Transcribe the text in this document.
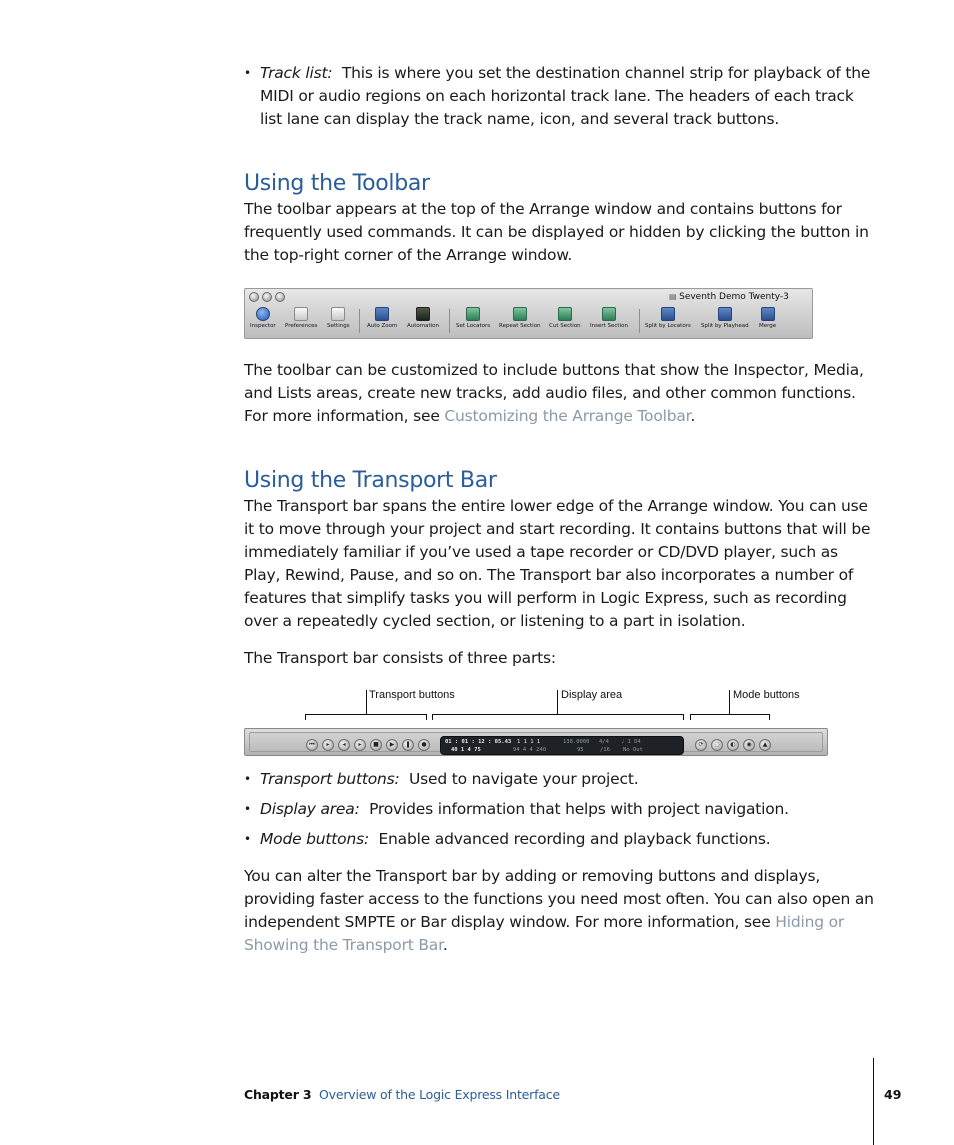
• Track list: This is where you set the destination channel strip for playback of the MIDI or audio regions on each horizontal track lane. The headers of each track list lane can display the track name, icon, and several track buttons.
Using the Toolbar

The toolbar appears at the top of the Arrange window and contains buttons for frequently used commands. It can be displayed or hidden by clicking the button in the top-right corner of the Arrange window.

▤ Seventh Demo Twenty-3
Inspector Preferences Settings	Auto Zoom Automation	Set Locators Repeat Section Cut Section Insert Section	Split by Locators Split by Playhead Merge

The toolbar can be customized to include buttons that show the Inspector, Media, and Lists areas, create new tracks, add audio files, and other common functions. For more information, see Customizing the Arrange Toolbar.

Using the Transport Bar

The Transport bar spans the entire lower edge of the Arrange window. You can use it to move through your project and start recording. It contains buttons that will be immediately familiar if you’ve used a tape recorder or CD/DVD player, such as Play, Rewind, Pause, and so on. The Transport bar also incorporates a number of features that simplify tasks you will perform in Logic Express, such as recording over a repeatedly cycled section, or listening to a part in isolation.

The Transport bar consists of three parts:

Transport buttons	Display area	Mode buttons
⏮	▸	◂	▸	■	▶	❚	●	01 : 01 : 12 : 05.43
40 1 4 75
1 1 1 1
94 4 4 240
138.0000
95
4/4
/16
♩ 1 D4
No Out
⟳	◌	◐	◉	▲
• Transport buttons: Used to navigate your project.
• Display area: Provides information that helps with project navigation.
• Mode buttons: Enable advanced recording and playback functions.

You can alter the Transport bar by adding or removing buttons and displays, providing faster access to the functions you need most often. You can also open an independent SMPTE or Bar display window. For more information, see Hiding or Showing the Transport Bar.

Chapter 3 Overview of the Logic Express Interface	49
